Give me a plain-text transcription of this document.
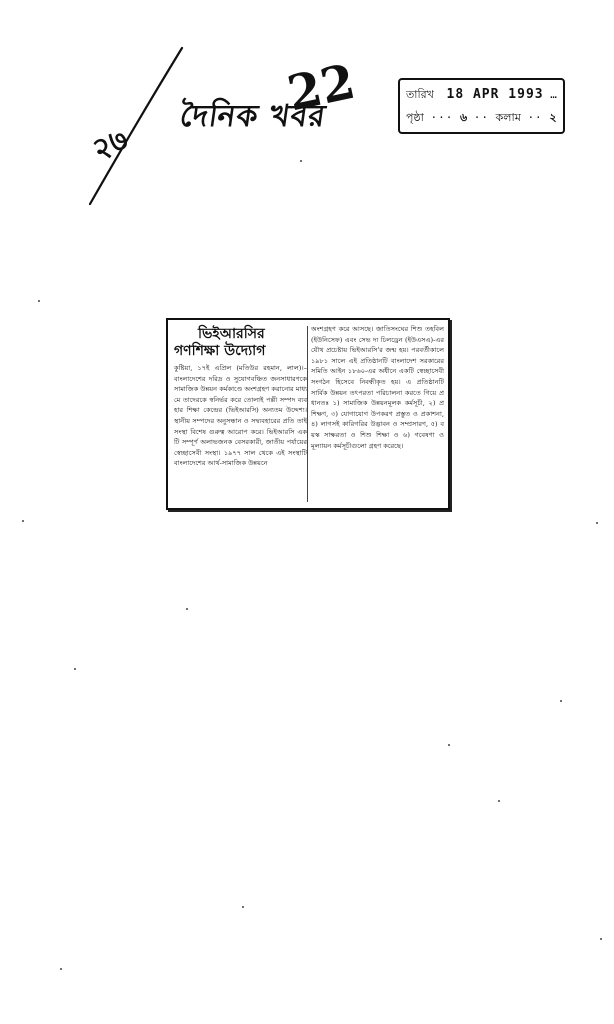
२७
দৈনিক খবর
22	তারিখ 18 APR 1993 …
পৃষ্ঠা ··· ৬ ·· কলাম ·· ২
ভিইআরসির
গণশিক্ষা উদ্যোগ

কুষ্টিয়া, ১৭ই এপ্রিল (মতিউর রহমান, লাল)।– বাংলাদেশের দরিদ্র ও সুযোগবঞ্চিত জনসাধারণকে সামাজিক উন্নয়ন কর্মকাণ্ডে অংশগ্রহণ করানোর মাধ্যমে তাদেরকে স্বনির্ভর করে তোলাই পল্লী সম্পদ ব্যবহার শিক্ষা কেন্দ্রের (ভিইআরসি) অন্যতম উদ্দেশ্য। স্থানীয় সম্পদের অনুসন্ধান ও সদ্ব্যবহারের প্রতি তাই সংস্থা বিশেষ গুরুত্ব আরোপ করে। ভিইআরসি একটি সম্পূর্ণ অলাভজনক বেসরকারী, জাতীয় পর্যায়ের স্বেচ্ছাসেবী সংস্থা। ১৯৭৭ সাল থেকে এই সংস্থাটি বাংলাদেশের আর্থ-সামাজিক উন্নয়নে

অংশগ্রহণ করে আসছে। জাতিসংঘের শিশু তহবিল (ইউনিসেফ) এবং সেভ দ্য চিলড্রেন (ইউএসএ)-এর যৌথ প্রচেষ্টায় ভিইআরসি'র জন্ম হয়। পরবর্তীকালে ১৯৮১ সালে এই প্রতিষ্ঠানটি বাংলাদেশ সরকারের সমিতি আইন ১৮৬০-এর অধীনে একটি স্বেচ্ছাসেবী সংগঠন হিসেবে নিবন্ধীকৃত হয়। এ প্রতিষ্ঠানটি সার্বিক উন্নয়ন তৎপরতা পরিচালনা করতে গিয়ে প্রধানতঃ ১) সামাজিক উন্নয়নমূলক কর্মসূচী, ২) প্রশিক্ষণ, ৩) যোগাযোগ উপকরণ প্রস্তুত ও প্রকাশনা, ৪) লাগসই কারিগরির উদ্ভাবন ও সম্প্রসারণ, ৫) বয়স্ক সাক্ষরতা ও শিশু শিক্ষা ও ৬) গবেষণা ও মূল্যায়ন কর্মসূচীগুলো গ্রহণ করেছে।
